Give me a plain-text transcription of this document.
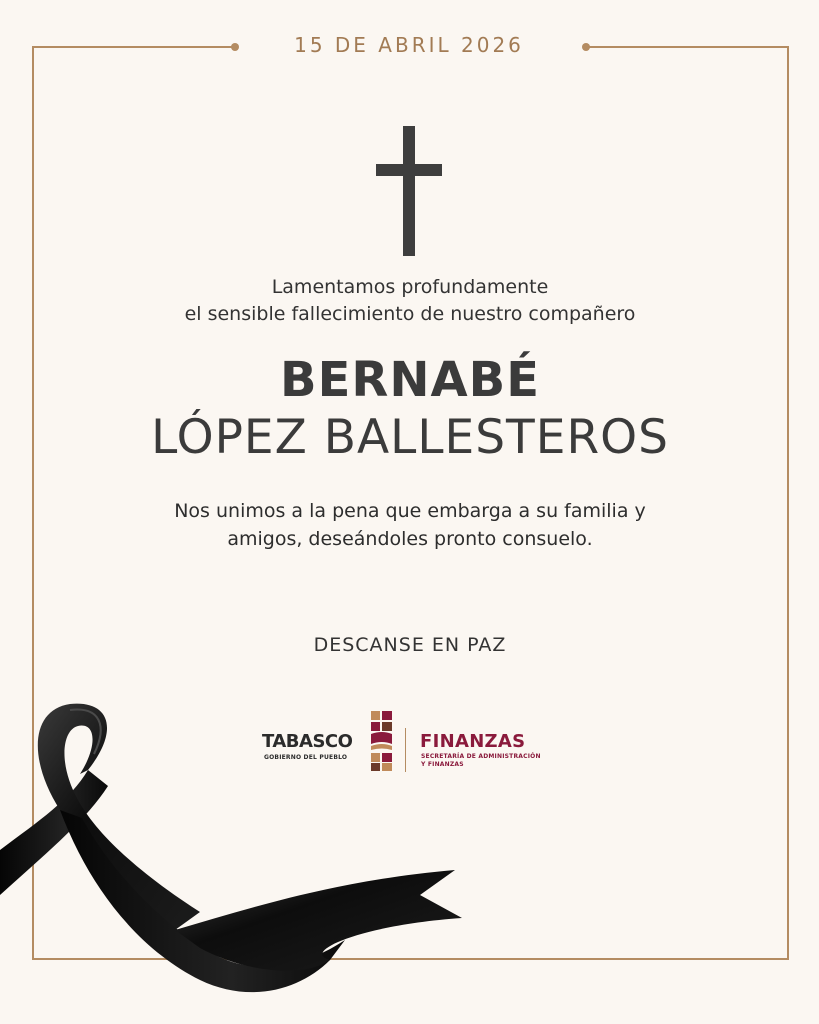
15 DE ABRIL 2026
Lamentamos profundamente
el sensible fallecimiento de nuestro compañero
BERNABÉ
LÓPEZ BALLESTEROS
Nos unimos a la pena que embarga a su familia y
amigos, deseándoles pronto consuelo.
DESCANSE EN PAZ
TABASCO
GOBIERNO DEL PUEBLO
FINANZAS
SECRETARÍA DE ADMINISTRACIÓN
Y FINANZAS
